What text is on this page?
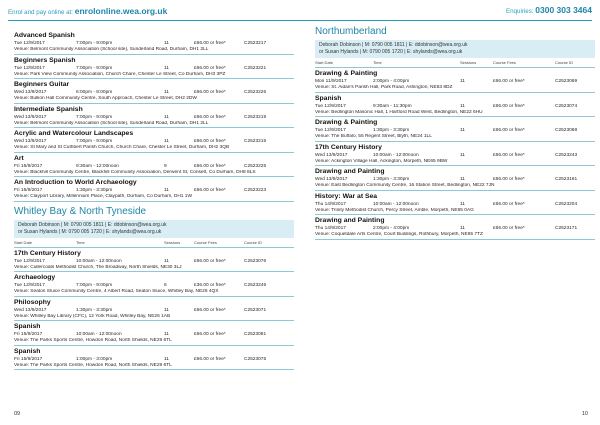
Enrol and pay online at: enrolonline.wea.org.uk	Enquiries: 0300 303 3464
Advanced Spanish
Tue 12/9/2017	7:00pm - 9:00pm	11	£66.00 or free*	C2523217
Venue: Belmont Community Association (School site), Sunderland Road, Durham, DH1 2LL
Beginners Spanish
Tue 12/9/2017	7:00pm - 9:00pm	11	£66.00 or free*	C2523221
Venue: Park View Community Association, Church Chare, Chester Le Street, Co Durham, DH3 3PZ
Beginners Guitar
Wed 13/9/2017	6:00pm - 8:00pm	11	£66.00 or free*	C2523226
Venue: Bullion Hall Community Centre, South Approach, Chester Le Street, DH2 2DW
Intermediate Spanish
Wed 13/9/2017	7:00pm - 9:00pm	11	£66.00 or free*	C2523219
Venue: Belmont Community Association (School site), Sunderland Road, Durham, DH1 2LL
Acrylic and Watercolour Landscapes
Wed 13/9/2017	7:00pm - 9:00pm	11	£66.00 or free*	C2523215
Venue: St Mary and St Cuthbert Parish Church, Church Chare, Chester Le Street, Durham, DH2 3QB
Art
Fri 15/9/2017	9:30am - 12:00noon	9	£66.00 or free*	C2523225
Venue: Blackhill Community Centre, Blackhill Community Association, Derwent St, Consett, Co Durham, DH8 8LS
An Introduction to World Archaeology
Fri 15/9/2017	1:30pm - 3:30pm	11	£66.00 or free*	C2523223
Venue: Clayport Library, Millennium Place, Claypath, Durham, Co Durham, DH1 1W
Whitley Bay & North Tyneside
Deborah Dobinson | M: 0790 005 1811 | E: ddobinson@wea.org.uk
or Susan Hylands | M: 0790 005 1720 | E: shylands@wea.org.uk
Start Date	Time	Sessions	Course Fees	Course ID
17th Century History
Tue 12/9/2017	10:00am - 12:00noon	11	£66.00 or free*	C2523076
Venue: Cullercoats Methodist Church, The Broadway, North Shields, NE30 3LJ
Archaeology
Tue 12/9/2017	7:00pm - 9:00pm	6	£36.00 or free*	C2523245
Venue: Seaton Sluice Community Centre, 4 Albert Road, Seaton Sluice, Whitley Bay, NE26 4QX
Philosophy
Wed 13/9/2017	1:30pm - 3:30pm	11	£66.00 or free*	C2523071
Venue: Whitley Bay Library (CFC), 12 York Road, Whitley Bay, NE26 1AB
Spanish
Fri 15/9/2017	10:00am - 12:00noon	11	£66.00 or free*	C2523081
Venue: The Parks Sports Centre, Howdon Road, North Shields, NE29 6TL
Spanish
Fri 15/9/2017	1:00pm - 3:00pm	11	£66.00 or free*	C2523075
Venue: The Parks Sports Centre, Howdon Road, North Shields, NE29 6TL
Northumberland
Deborah Dobinson | M: 0790 005 1811 | E: ddobinson@wea.org.uk
or Susan Hylands | M: 0790 005 1720 | E: shylands@wea.org.uk
Start Date	Time	Sessions	Course Fees	Course ID
Drawing & Painting
Mon 11/9/2017	2:00pm - 4:00pm	11	£66.00 or free*	C2523069
Venue: St. Aidan's Parish Hall, Park Road, Ashington, NE63 8DZ
Spanish
Tue 12/9/2017	9:30am - 11:30pm	11	£66.00 or free*	C2523074
Venue: Bedlington Masonic Hall, 1 Hartford Road West, Bedlington, NE22 6HU
Drawing & Painting
Tue 12/9/2017	1:30pm - 3:30pm	11	£66.00 or free*	C2523068
Venue: The Buffalo, 55 Regent Street, Blyth, NE24 1LL
17th Century History
Wed 13/9/2017	10:00am - 12:00noon	11	£66.00 or free*	C2523243
Venue: Ackington Village Hall, Ackington, Morpeth, NE65 9BW
Drawing and Painting
Wed 13/9/2017	1:30pm - 3:30pm	11	£66.00 or free*	C2523161
Venue: East Bedlington Community Centre, 16 Station Street, Bedlington, NE22 7JN
History: War at Sea
Thu 14/9/2017	10:00am - 12:00noon	11	£66.00 or free*	C2523204
Venue: Trinity Methodist Church, Percy Street, Amble, Morpeth, NE65 0AG
Drawing and Painting
Thu 14/9/2017	2:00pm - 4:00pm	11	£66.00 or free*	C2523171
Venue: Coquetdale Arts Centre, Court Buildings, Rothbury, Morpeth, NE65 7TZ
09	10
